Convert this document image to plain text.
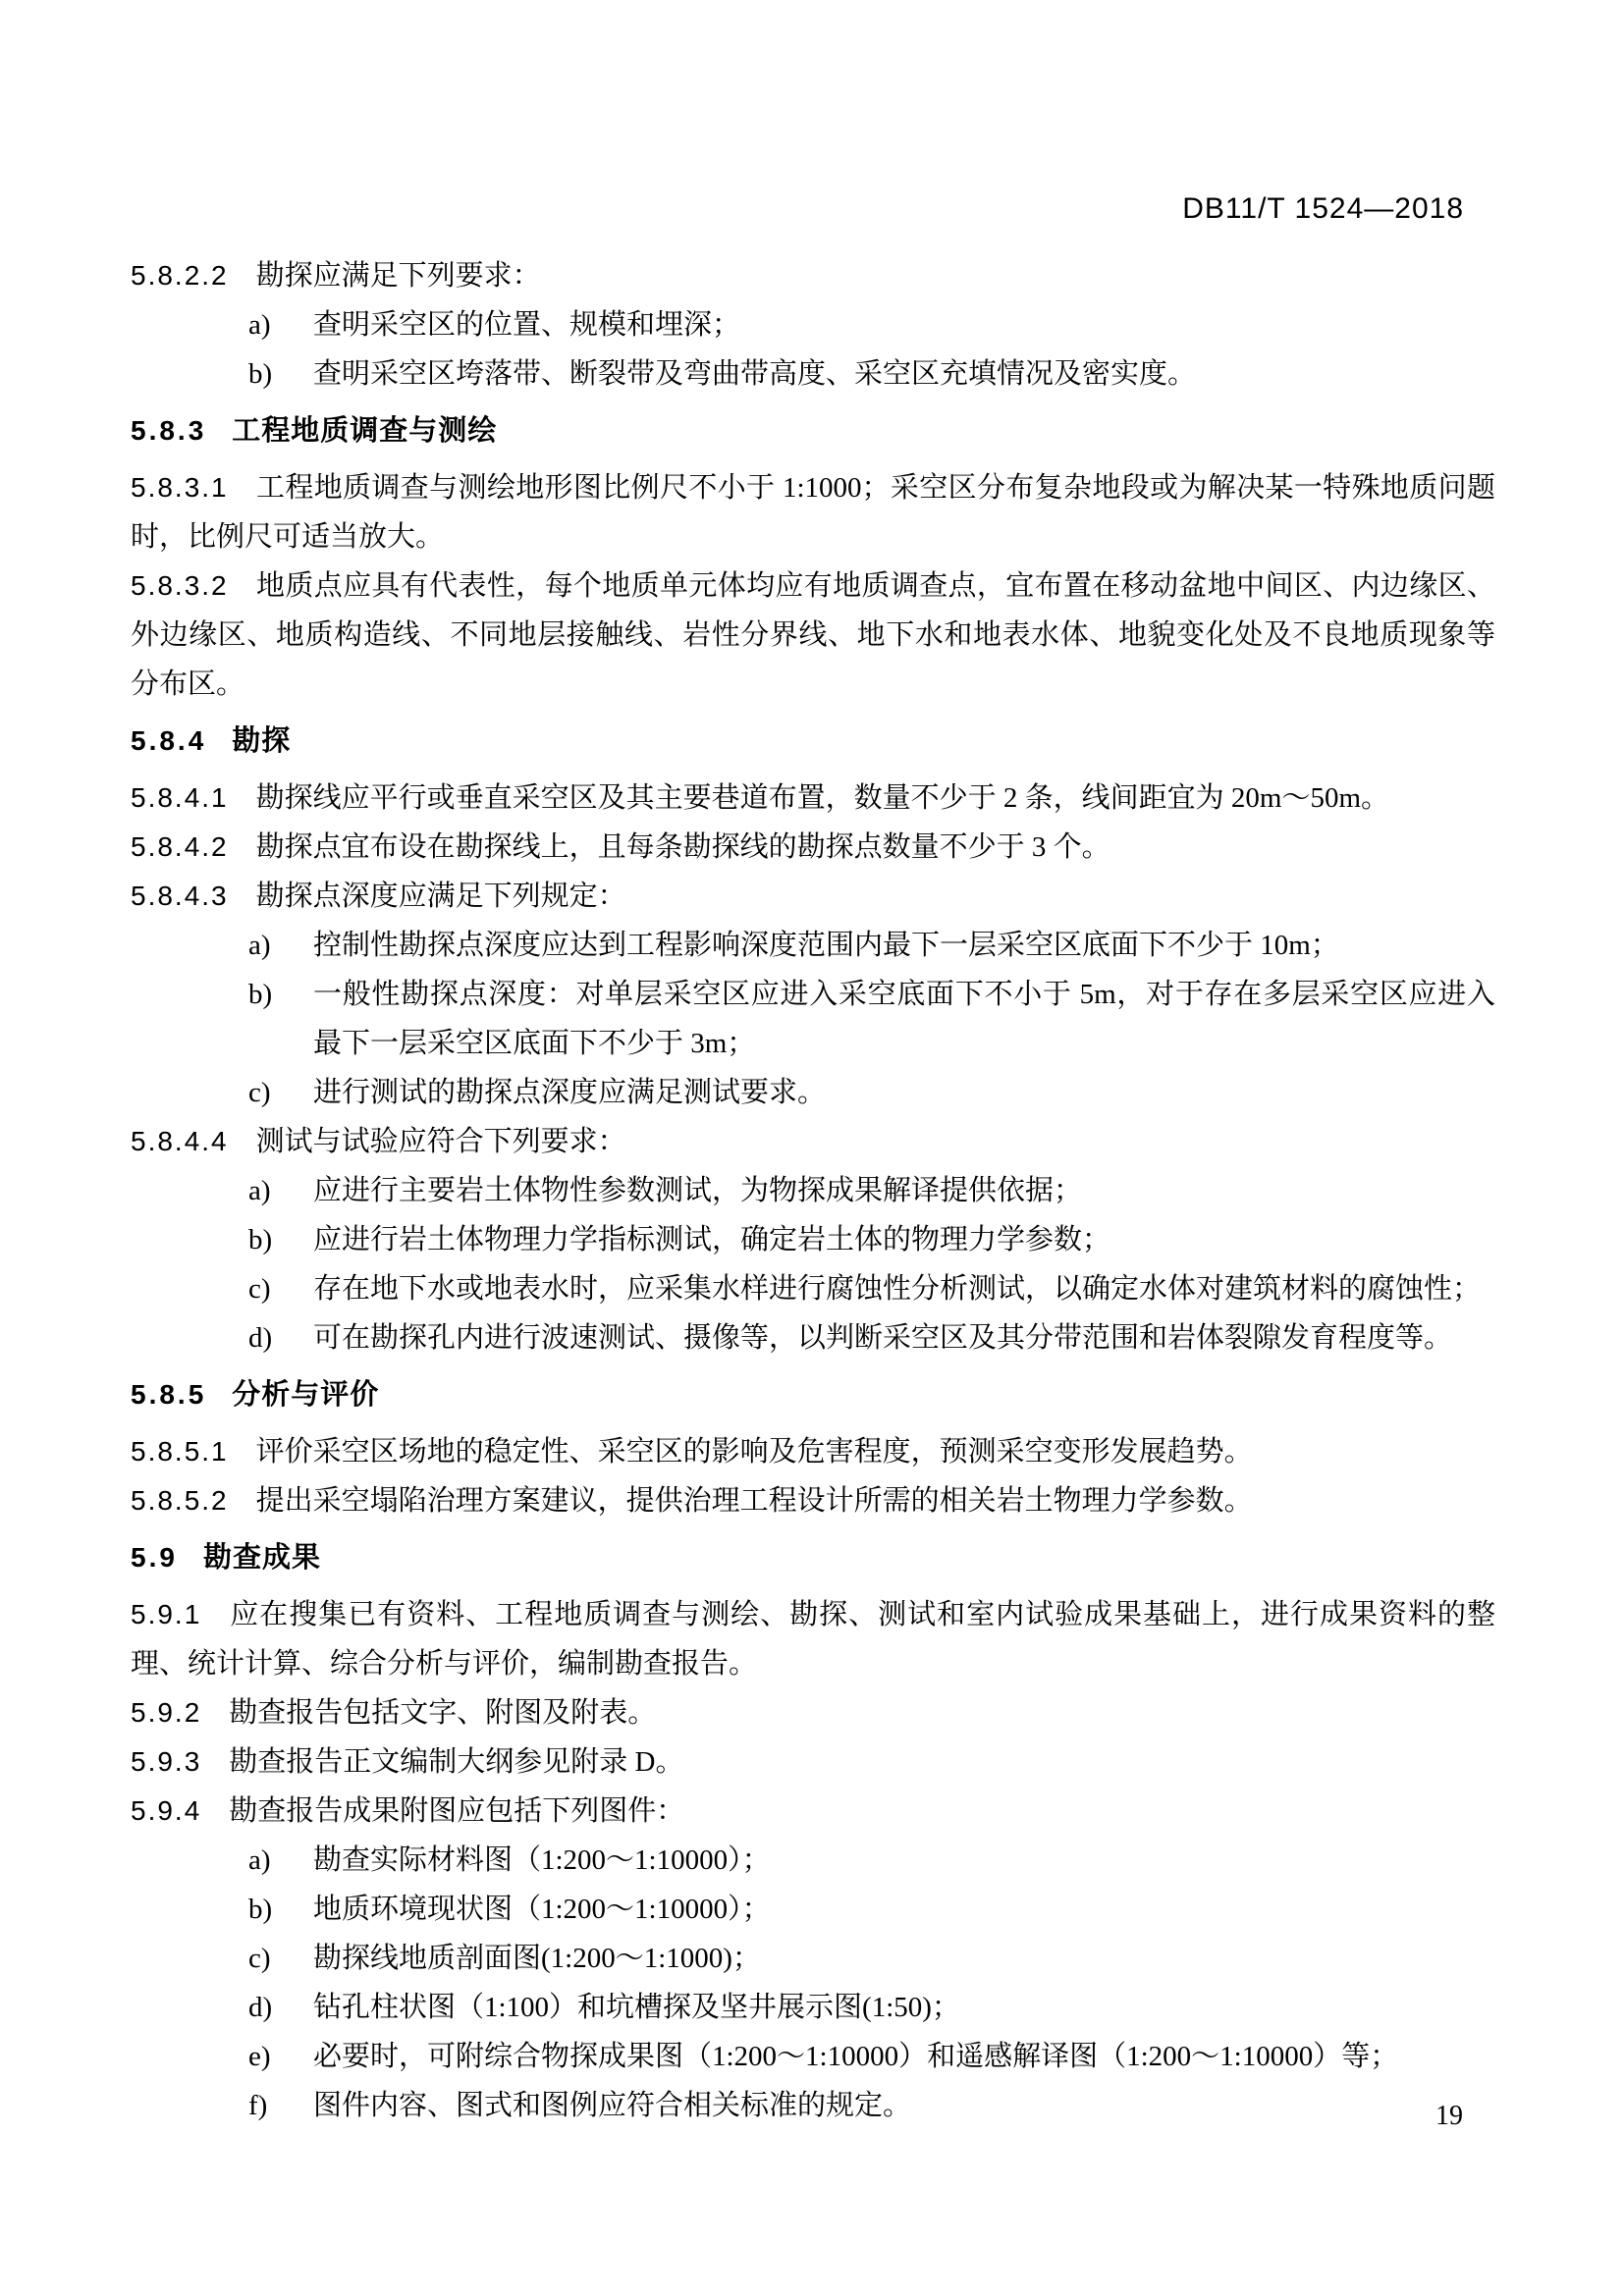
DB11/T 1524—2018

5.8.2.2 勘探应满足下列要求：

a) 查明采空区的位置、规模和埋深；

b) 查明采空区垮落带、断裂带及弯曲带高度、采空区充填情况及密实度。

5.8.3 工程地质调查与测绘

5.8.3.1 工程地质调查与测绘地形图比例尺不小于 1:1000；采空区分布复杂地段或为解决某一特殊地质问题时，比例尺可适当放大。

5.8.3.2 地质点应具有代表性，每个地质单元体均应有地质调查点，宜布置在移动盆地中间区、内边缘区、外边缘区、地质构造线、不同地层接触线、岩性分界线、地下水和地表水体、地貌变化处及不良地质现象等分布区。

5.8.4 勘探

5.8.4.1 勘探线应平行或垂直采空区及其主要巷道布置，数量不少于 2 条，线间距宜为 20m～50m。

5.8.4.2 勘探点宜布设在勘探线上，且每条勘探线的勘探点数量不少于 3 个。

5.8.4.3 勘探点深度应满足下列规定：

a) 控制性勘探点深度应达到工程影响深度范围内最下一层采空区底面下不少于 10m；

b) 一般性勘探点深度：对单层采空区应进入采空底面下不小于 5m，对于存在多层采空区应进入最下一层采空区底面下不少于 3m；

c) 进行测试的勘探点深度应满足测试要求。

5.8.4.4 测试与试验应符合下列要求：

a) 应进行主要岩土体物性参数测试，为物探成果解译提供依据；

b) 应进行岩土体物理力学指标测试，确定岩土体的物理力学参数；

c) 存在地下水或地表水时，应采集水样进行腐蚀性分析测试，以确定水体对建筑材料的腐蚀性；

d) 可在勘探孔内进行波速测试、摄像等，以判断采空区及其分带范围和岩体裂隙发育程度等。

5.8.5 分析与评价

5.8.5.1 评价采空区场地的稳定性、采空区的影响及危害程度，预测采空变形发展趋势。

5.8.5.2 提出采空塌陷治理方案建议，提供治理工程设计所需的相关岩土物理力学参数。

5.9 勘查成果

5.9.1 应在搜集已有资料、工程地质调查与测绘、勘探、测试和室内试验成果基础上，进行成果资料的整理、统计计算、综合分析与评价，编制勘查报告。

5.9.2 勘查报告包括文字、附图及附表。

5.9.3 勘查报告正文编制大纲参见附录 D。

5.9.4 勘查报告成果附图应包括下列图件：

a) 勘查实际材料图（1:200～1:10000）；

b) 地质环境现状图（1:200～1:10000）；

c) 勘探线地质剖面图(1:200～1:1000)；

d) 钻孔柱状图（1:100）和坑槽探及坚井展示图(1:50)；

e) 必要时，可附综合物探成果图（1:200～1:10000）和遥感解译图（1:200～1:10000）等；

f) 图件内容、图式和图例应符合相关标准的规定。	19
